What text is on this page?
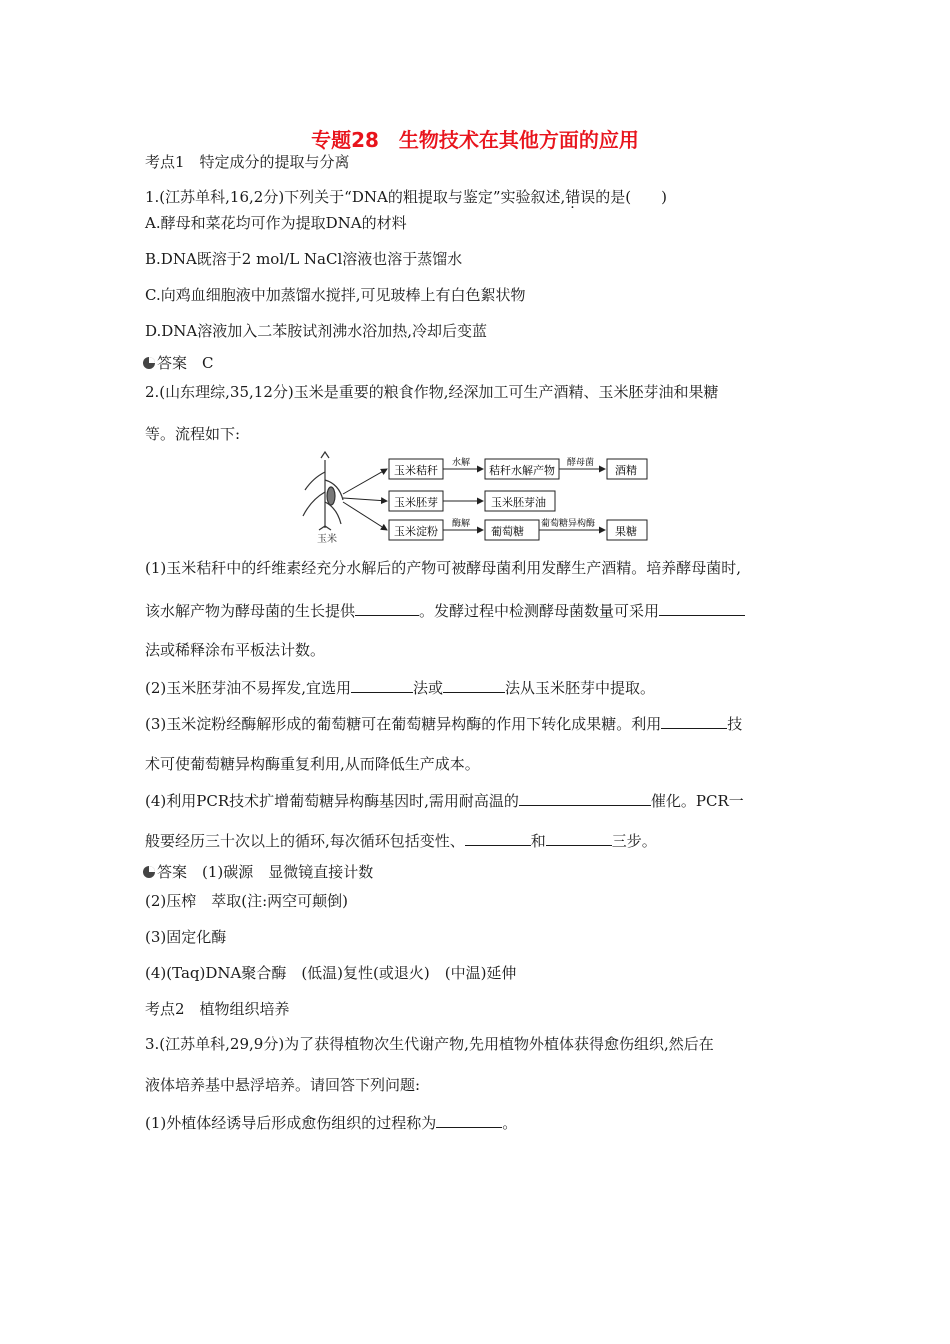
专题28　生物技术在其他方面的应用
考点1　特定成分的提取与分离
1.(江苏单科,16,2分)下列关于“DNA的粗提取与鉴定”实验叙述,错误的是(　　)
A.酵母和菜花均可作为提取DNA的材料
B.DNA既溶于2 mol/L NaCl溶液也溶于蒸馏水
C.向鸡血细胞液中加蒸馏水搅拌,可见玻棒上有白色絮状物
D.DNA溶液加入二苯胺试剂沸水浴加热,冷却后变蓝
答案　C
2.(山东理综,35,12分)玉米是重要的粮食作物,经深加工可生产酒精、玉米胚芽油和果糖
等。流程如下:
玉米
玉米秸秆
水解
秸秆水解产物
酵母菌
酒精
玉米胚芽	玉米胚芽油
玉米淀粉
酶解
葡萄糖
葡萄糖异构酶
果糖
(1)玉米秸秆中的纤维素经充分水解后的产物可被酵母菌利用发酵生产酒精。培养酵母菌时,
该水解产物为酵母菌的生长提供	。发酵过程中检测酵母菌数量可采用
法或稀释涂布平板法计数。
(2)玉米胚芽油不易挥发,宜选用	法或	法从玉米胚芽中提取。
(3)玉米淀粉经酶解形成的葡萄糖可在葡萄糖异构酶的作用下转化成果糖。利用	技
术可使葡萄糖异构酶重复利用,从而降低生产成本。
(4)利用PCR技术扩增葡萄糖异构酶基因时,需用耐高温的	催化。PCR一
般要经历三十次以上的循环,每次循环包括变性、	和	三步。
答案　(1)碳源　显微镜直接计数
(2)压榨　萃取(注:两空可颠倒)
(3)固定化酶
(4)(Taq)DNA聚合酶　(低温)复性(或退火)　(中温)延伸
考点2　植物组织培养
3.(江苏单科,29,9分)为了获得植物次生代谢产物,先用植物外植体获得愈伤组织,然后在
液体培养基中悬浮培养。请回答下列问题:
(1)外植体经诱导后形成愈伤组织的过程称为	。
